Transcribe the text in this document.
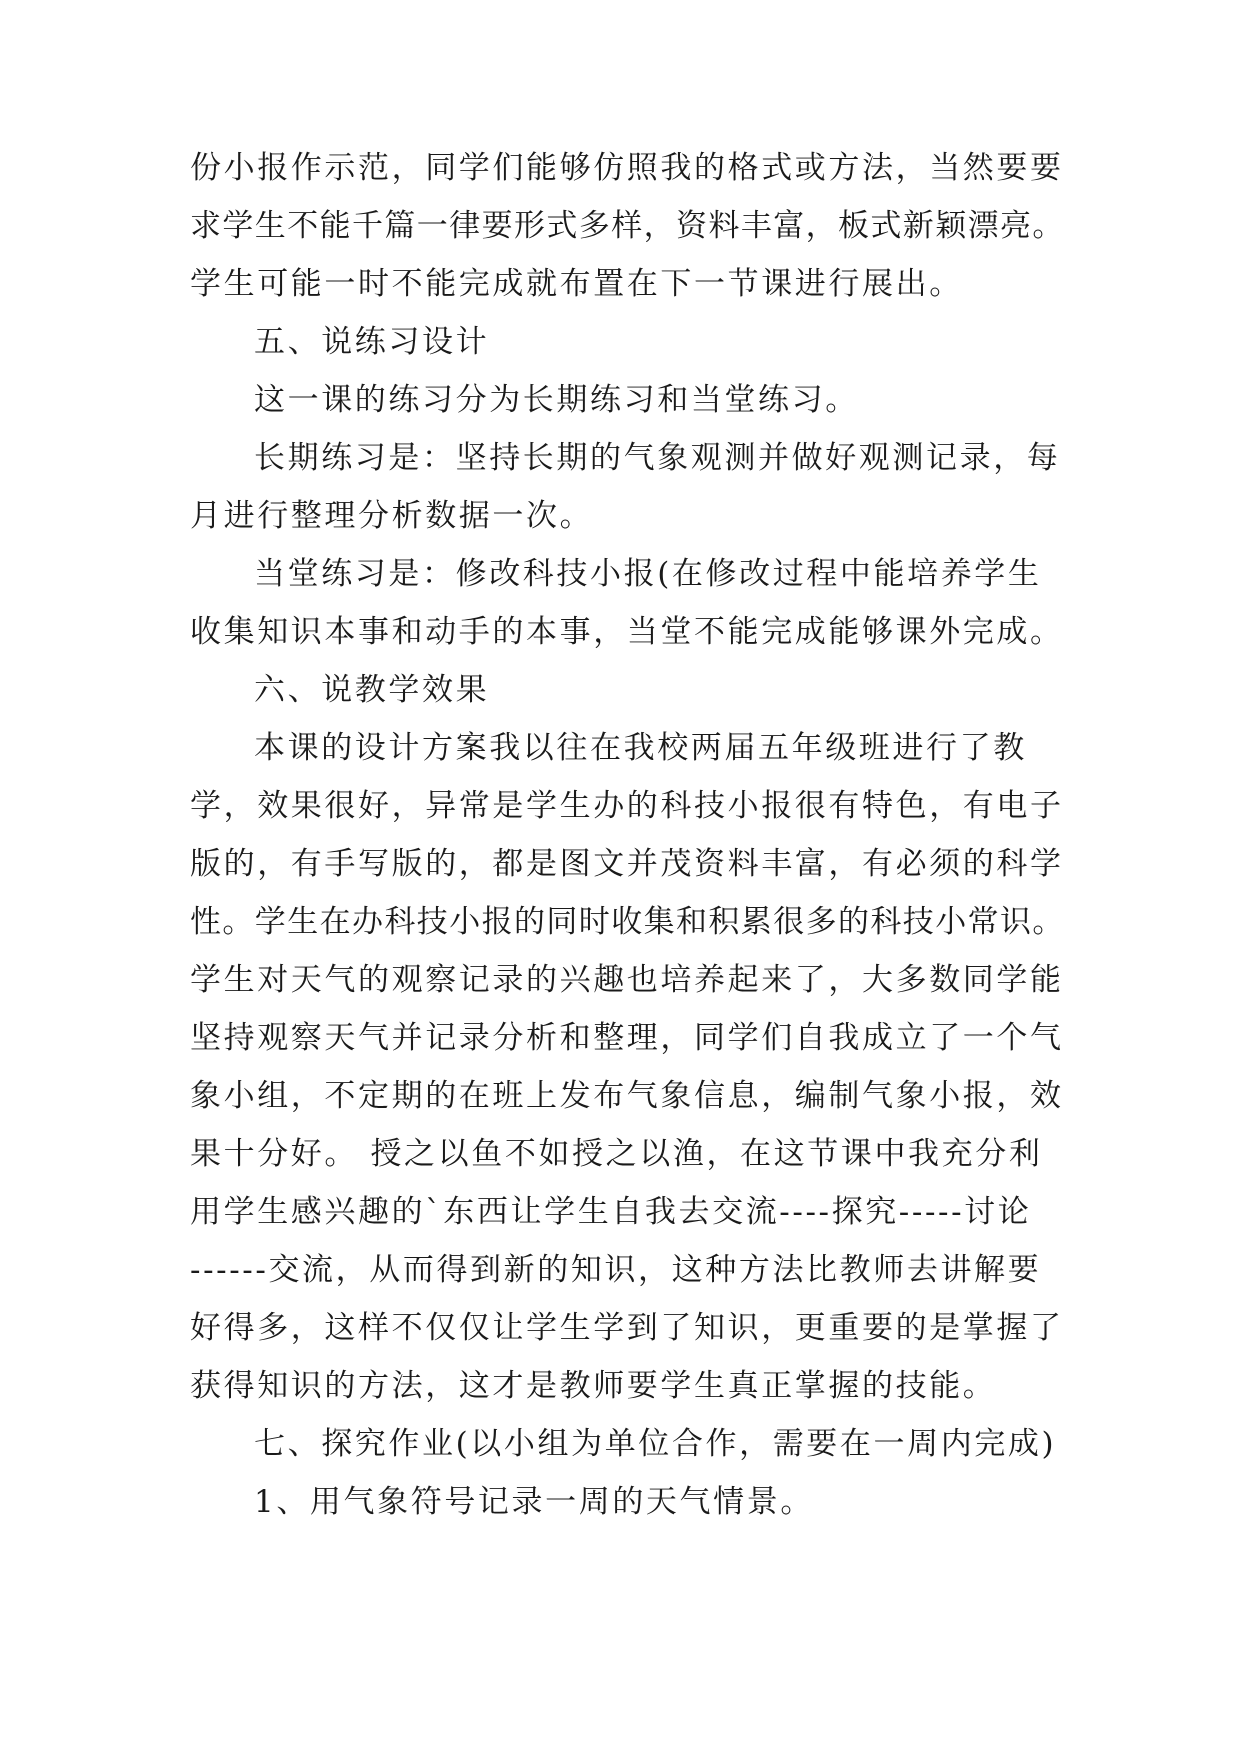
份小报作示范，同学们能够仿照我的格式或方法，当然要要
求学生不能千篇一律要形式多样，资料丰富，板式新颖漂亮。
学生可能一时不能完成就布置在下一节课进行展出。
五、说练习设计
这一课的练习分为长期练习和当堂练习。
长期练习是：坚持长期的气象观测并做好观测记录，每
月进行整理分析数据一次。
当堂练习是：修改科技小报(在修改过程中能培养学生
收集知识本事和动手的本事，当堂不能完成能够课外完成。
六、说教学效果
本课的设计方案我以往在我校两届五年级班进行了教
学，效果很好，异常是学生办的科技小报很有特色，有电子
版的，有手写版的，都是图文并茂资料丰富，有必须的科学
性。学生在办科技小报的同时收集和积累很多的科技小常识。
学生对天气的观察记录的兴趣也培养起来了，大多数同学能
坚持观察天气并记录分析和整理，同学们自我成立了一个气
象小组，不定期的在班上发布气象信息，编制气象小报，效
果十分好。 授之以鱼不如授之以渔，在这节课中我充分利
用学生感兴趣的`东西让学生自我去交流----探究-----讨论
------交流，从而得到新的知识，这种方法比教师去讲解要
好得多，这样不仅仅让学生学到了知识，更重要的是掌握了
获得知识的方法，这才是教师要学生真正掌握的技能。
七、探究作业(以小组为单位合作，需要在一周内完成)
1、用气象符号记录一周的天气情景。
